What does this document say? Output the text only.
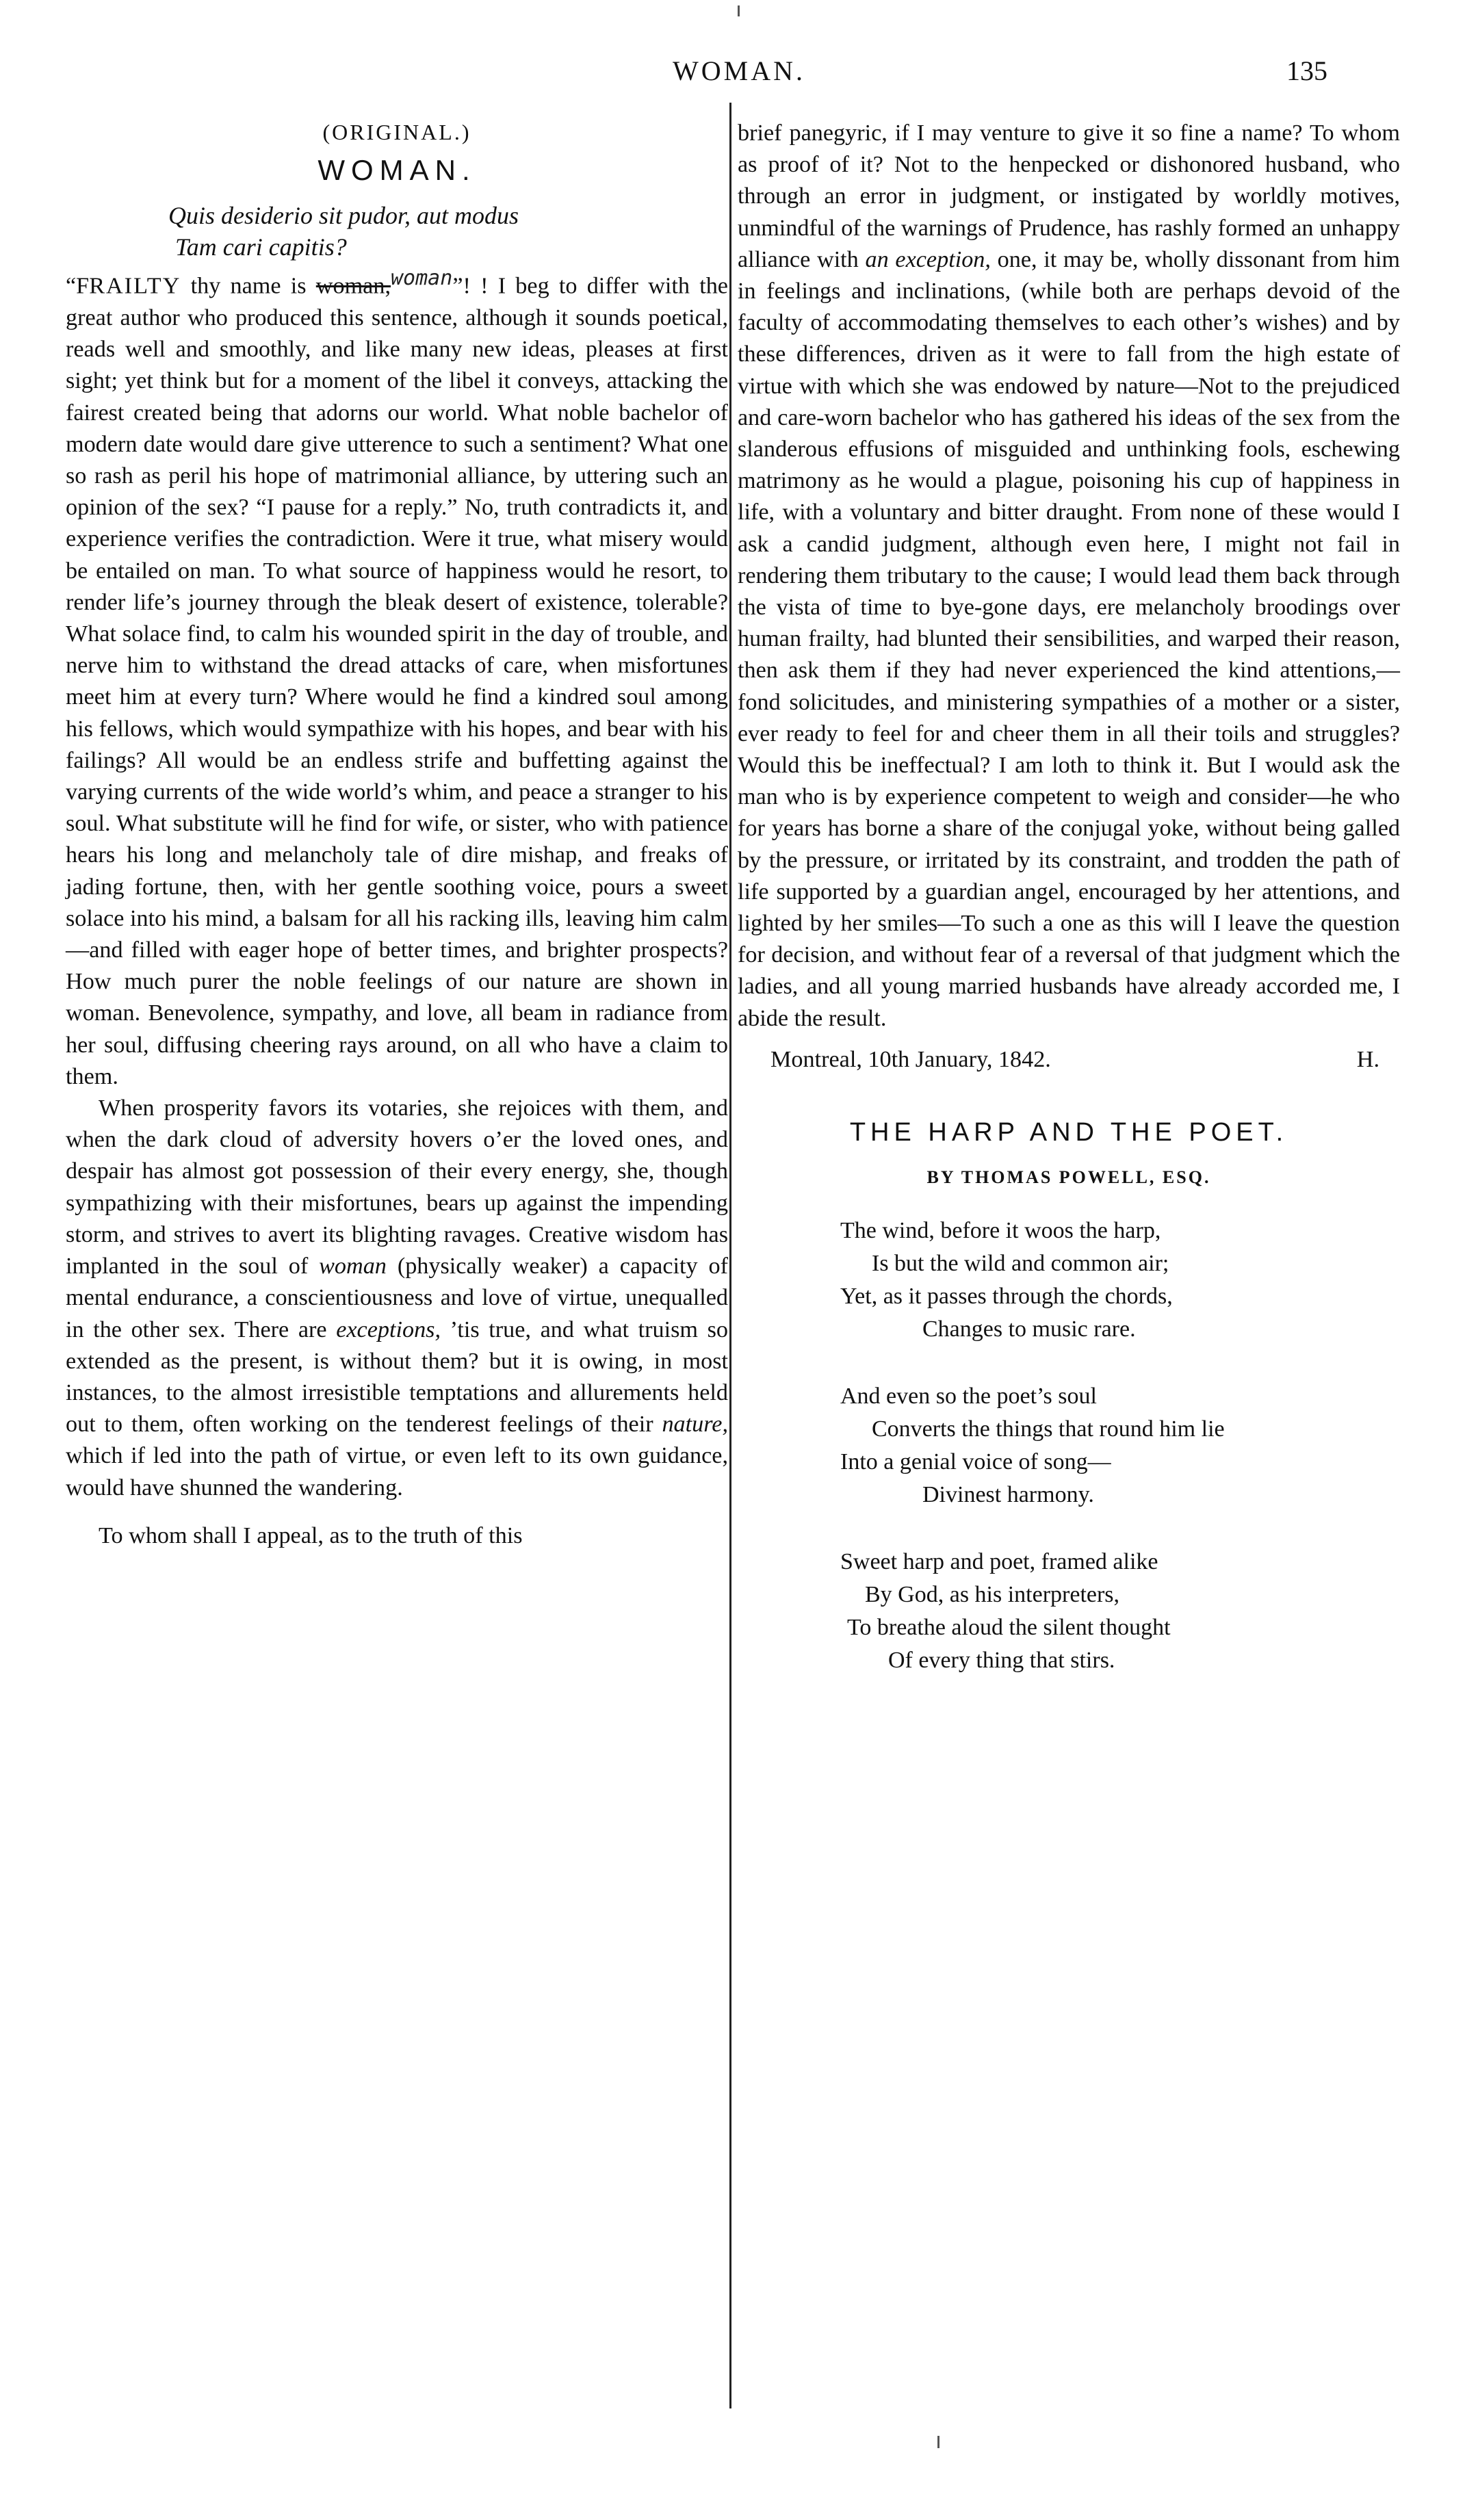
WOMAN.	135
(ORIGINAL.)
WOMAN.
Quis desiderio sit pudor, aut modus
Tam cari capitis?

“FRAILTY thy name is woman,$^{woman}$”! ! I beg to differ with the great author who produced this sentence, although it sounds poetical, reads well and smoothly, and like many new ideas, pleases at first sight; yet think but for a moment of the libel it conveys, attacking the fairest created being that adorns our world. What noble bachelor of modern date would dare give utterence to such a sentiment? What one so rash as peril his hope of matrimonial alliance, by uttering such an opinion of the sex? “I pause for a reply.” No, truth contradicts it, and experience verifies the contradiction. Were it true, what misery would be entailed on man. To what source of happiness would he resort, to render life’s journey through the bleak desert of existence, tolerable? What solace find, to calm his wounded spirit in the day of trouble, and nerve him to withstand the dread attacks of care, when misfortunes meet him at every turn? Where would he find a kindred soul among his fellows, which would sympathize with his hopes, and bear with his failings? All would be an endless strife and buffetting against the varying currents of the wide world’s whim, and peace a stranger to his soul. What substitute will he find for wife, or sister, who with patience hears his long and melancholy tale of dire mishap, and freaks of jading fortune, then, with her gentle soothing voice, pours a sweet solace into his mind, a balsam for all his racking ills, leaving him calm—and filled with eager hope of better times, and brighter prospects? How much purer the noble feelings of our nature are shown in woman. Benevolence, sympathy, and love, all beam in radiance from her soul, diffusing cheering rays around, on all who have a claim to them.

When prosperity favors its votaries, she rejoices with them, and when the dark cloud of adversity hovers o’er the loved ones, and despair has almost got possession of their every energy, she, though sympathizing with their misfortunes, bears up against the impending storm, and strives to avert its blighting ravages. Creative wisdom has implanted in the soul of woman (physically weaker) a capacity of mental endurance, a conscientiousness and love of virtue, unequalled in the other sex. There are exceptions, ’tis true, and what truism so extended as the present, is without them? but it is owing, in most instances, to the almost irresistible temptations and allurements held out to them, often working on the tenderest feelings of their nature, which if led into the path of virtue, or even left to its own guidance, would have shunned the wandering.

To whom shall I appeal, as to the truth of this

brief panegyric, if I may venture to give it so fine a name? To whom as proof of it? Not to the henpecked or dishonored husband, who through an error in judgment, or instigated by worldly motives, unmindful of the warnings of Prudence, has rashly formed an unhappy alliance with an exception, one, it may be, wholly dissonant from him in feelings and inclinations, (while both are perhaps devoid of the faculty of accommodating themselves to each other’s wishes) and by these differences, driven as it were to fall from the high estate of virtue with which she was endowed by nature—Not to the prejudiced and care-worn bachelor who has gathered his ideas of the sex from the slanderous effusions of misguided and unthinking fools, eschewing matrimony as he would a plague, poisoning his cup of happiness in life, with a voluntary and bitter draught. From none of these would I ask a candid judgment, although even here, I might not fail in rendering them tributary to the cause; I would lead them back through the vista of time to bye-gone days, ere melancholy broodings over human frailty, had blunted their sensibilities, and warped their reason, then ask them if they had never experienced the kind attentions,—fond solicitudes, and ministering sympathies of a mother or a sister, ever ready to feel for and cheer them in all their toils and struggles? Would this be ineffectual? I am loth to think it. But I would ask the man who is by experience competent to weigh and consider—he who for years has borne a share of the conjugal yoke, without being galled by the pressure, or irritated by its constraint, and trodden the path of life supported by a guardian angel, encouraged by her attentions, and lighted by her smiles—To such a one as this will I leave the question for decision, and without fear of a reversal of that judgment which the ladies, and all young married husbands have already accorded me, I abide the result.

Montreal, 10th January, 1842.	H.
THE HARP AND THE POET.
BY THOMAS POWELL, ESQ.
The wind, before it woos the harp,
Is but the wild and common air;
Yet, as it passes through the chords,
Changes to music rare.
And even so the poet’s soul
Converts the things that round him lie
Into a genial voice of song—
Divinest harmony.
Sweet harp and poet, framed alike
By God, as his interpreters,
To breathe aloud the silent thought
Of every thing that stirs.
